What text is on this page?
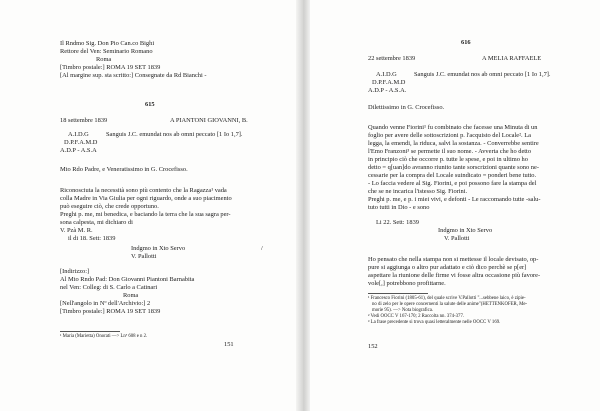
Il Rndmo Sig. Don Pio Can.co Bighi
Rettore del Ven: Seminario Romano
Roma
[Timbro postale:] ROMA 19 SET 1839
[Al margine sup. sta scritto:] Consegnate da Rd Bianchi -
615
18 settembre 1839	A PIANTONI GIOVANNI, B.
A.I.D.G	Sanguis J.C. emundat nos ab omni peccato [1 Io 1,7].
D.P.F.A.M.D
A.D.P - A.S.A
Mto Rdo Padre, e Veneratissimo in G. Crocefisso.
Riconosciuta la necessità sono più contento che la Ragazza¹ vada
colla Madre in Via Giulia per ogni riguardo, onde a suo piacimento
può eseguire ciò, che crede opportuno.
Preghi p. me, mi benedica, e baciando la terra che la sua sagra per-
sona calpesta, mi dichiaro di
V. Pzà M. R.
il di 18. Sett: 1839
Indgmo in Xto Servo	/
V. Pallotti
[Indirizzo:]
Al Mto Rndo Pad: Don Giovanni Piantoni Barnabita
nel Ven: Colleg: di S. Carlo a Catinari
Roma
[Nell'angolo in Nº dell'Archivio:] 2
[Timbro postale:] ROMA 19 SET 1839
¹ Maria (Marietta) Onorati —> Lnª 608 e n 2.
151
616
22 settembre 1839	A MELIA RAFFAELE
A.I.D.G	Sanguis J.C. emundat nos ab omni peccato [1 Io 1,7].
D.P.F.A.M.D
A.D.P - A.S.A.
Dilettissimo in G. Crocefisso.
Quando venne Fiorini¹ fu combinato che facesse una Minuta di un
foglio per avere delle sottoscrizioni p. l'acquisto del Locale². La
legga, la emendi, la riduca, salvi la sostanza. - Converrebbe sentire
l'Emo Franzoni³ se permette il suo nome. - Avverta che ho detto
in principio ciò che occorre p. tutte le spese, e poi in ultimo ho
detto = q[uan]do avranno riunito tante sorscrizioni quante sono ne-
cessarie per la compra del Locale suindicato = ponderi bene tutto.
- Lo faccia vedere al Sig. Fiorini, e poi possono fare la stampa del
che se ne incarica l'istesso Sig. Fiorini.
Preghi p. me, e p. i miei vivi, e defonti - Le raccomando tutte -salu-
tuto tutti in Dio - e sono
Li 22. Sett: 1839
Indgmo in Xto Servo
V. Pallotti
Ho pensato che nella stampa non si mettesse il locale devisato, op-
pure si aggiunga o altro pur adattato e ciò dico perchè se p[er]
aspettare la riunione delle firme vi fosse altra occasione più favore-
vole[,] potrebbono profittarne.
¹ Francesco Fiorini (1805-61), del quale scrive V.Pallotti "...sebbene laico, è zipie-
no di zelo per le opere concernenti la salute delle anime"(HETTENKOFER, Me-
morie 95). —> Nota biografica.
² Vedi OOCC V 167-170; 2 Raccolta nn. 374-377.
³ La frase precedente si trova quasi letteralmente nelle OOCC V 169.
152
